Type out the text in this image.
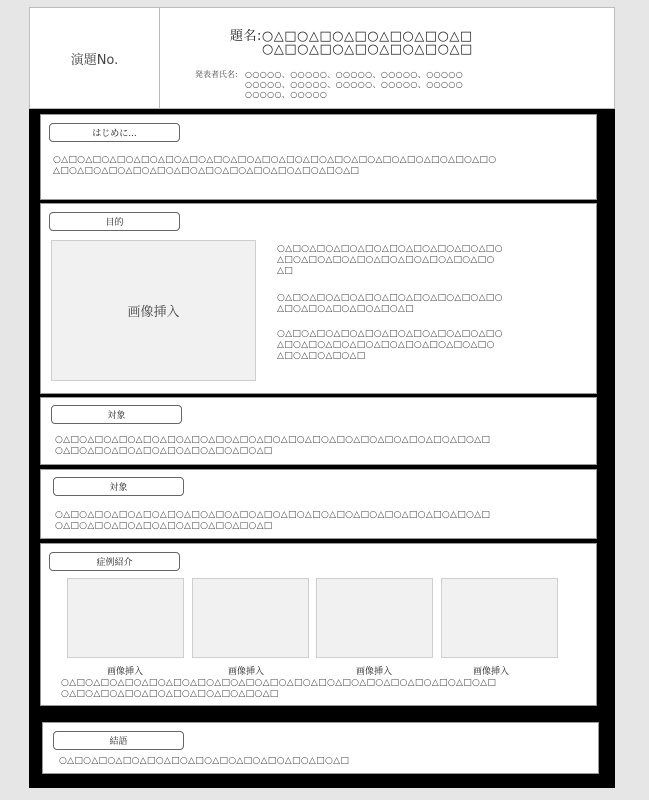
演題No.
題名:○△□○△□○△□○△□○△□○△□
○△□○△□○△□○△□○△□○△□
発表者氏名: ○○○○○、○○○○○、○○○○○、○○○○○、○○○○○
○○○○○、○○○○○、○○○○○、○○○○○、○○○○○
○○○○○、○○○○○
はじめに...
○△□○△□○△□○△□○△□○△□○△□○△□○△□○△□○△□○△□○△□○△□○△□○△□○△□○△□○
△□○△□○△□○△□○△□○△□○△□○△□○△□○△□○△□○△□○△□
目的
画像挿入
○△□○△□○△□○△□○△□○△□○△□○△□○△□○
△□○△□○△□○△□○△□○△□○△□○△□○△□○
△□
○△□○△□○△□○△□○△□○△□○△□○△□○△□○
△□○△□○△□○△□○△□○△□
○△□○△□○△□○△□○△□○△□○△□○△□○△□○
△□○△□○△□○△□○△□○△□○△□○△□○△□○
△□○△□○△□○△□
対象
○△□○△□○△□○△□○△□○△□○△□○△□○△□○△□○△□○△□○△□○△□○△□○△□○△□○△□
○△□○△□○△□○△□○△□○△□○△□○△□○△□
対象
○△□○△□○△□○△□○△□○△□○△□○△□○△□○△□○△□○△□○△□○△□○△□○△□○△□○△□
○△□○△□○△□○△□○△□○△□○△□○△□○△□
症例紹介
画像挿入	画像挿入	画像挿入	画像挿入
○△□○△□○△□○△□○△□○△□○△□○△□○△□○△□○△□○△□○△□○△□○△□○△□○△□○△□
○△□○△□○△□○△□○△□○△□○△□○△□○△□
結語
○△□○△□○△□○△□○△□○△□○△□○△□○△□○△□○△□○△□
